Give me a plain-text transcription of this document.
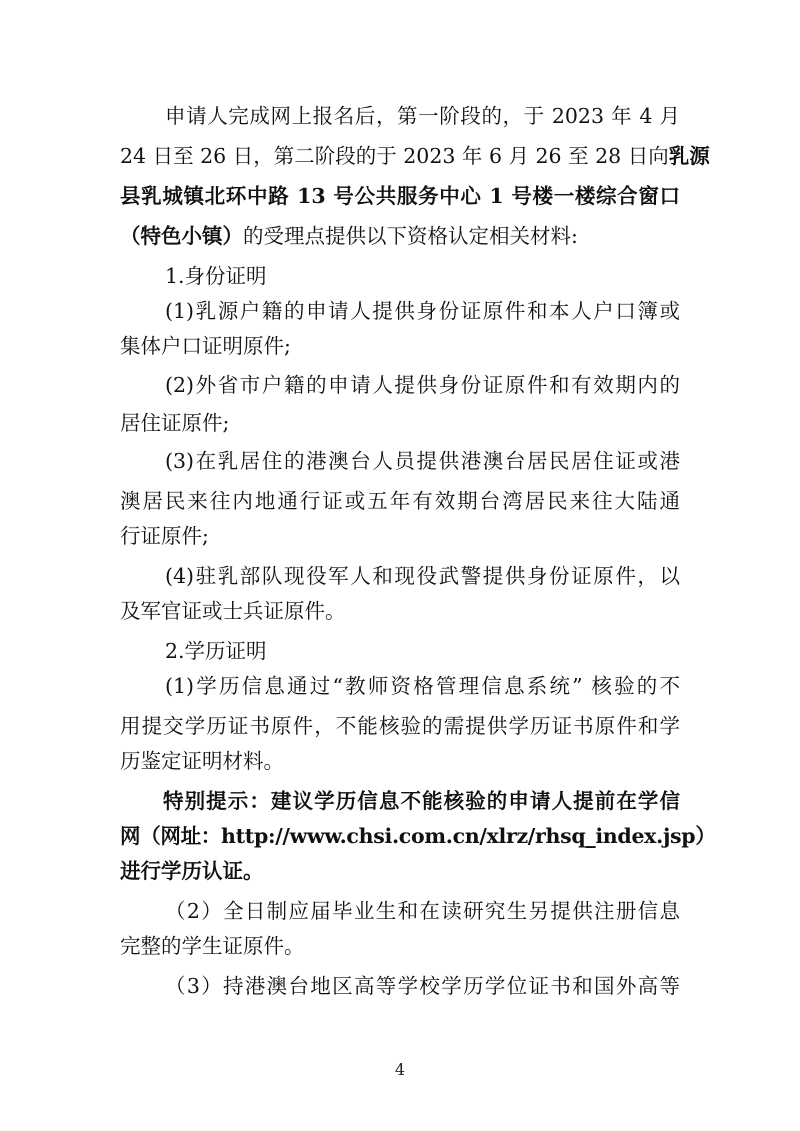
申请人完成网上报名后，第一阶段的，于 2023 年 4 月
24 日至 26 日，第二阶段的于 2023 年 6 月 26 至 28 日向乳源
县乳城镇北环中路 13 号公共服务中心 1 号楼一楼综合窗口
（特色小镇）的受理点提供以下资格认定相关材料:
1.身份证明
(1)乳源户籍的申请人提供身份证原件和本人户口簿或
集体户口证明原件;
(2)外省市户籍的申请人提供身份证原件和有效期内的
居住证原件;
(3)在乳居住的港澳台人员提供港澳台居民居住证或港
澳居民来往内地通行证或五年有效期台湾居民来往大陆通
行证原件;
(4)驻乳部队现役军人和现役武警提供身份证原件，以
及军官证或士兵证原件。
2.学历证明
(1)学历信息通过“教师资格管理信息系统” 核验的不
用提交学历证书原件，不能核验的需提供学历证书原件和学
历鉴定证明材料。
特别提示：建议学历信息不能核验的申请人提前在学信
网（网址：http://www.chsi.com.cn/xlrz/rhsq_index.jsp）
进行学历认证。
（2）全日制应届毕业生和在读研究生另提供注册信息
完整的学生证原件。
（3）持港澳台地区高等学校学历学位证书和国外高等
4
